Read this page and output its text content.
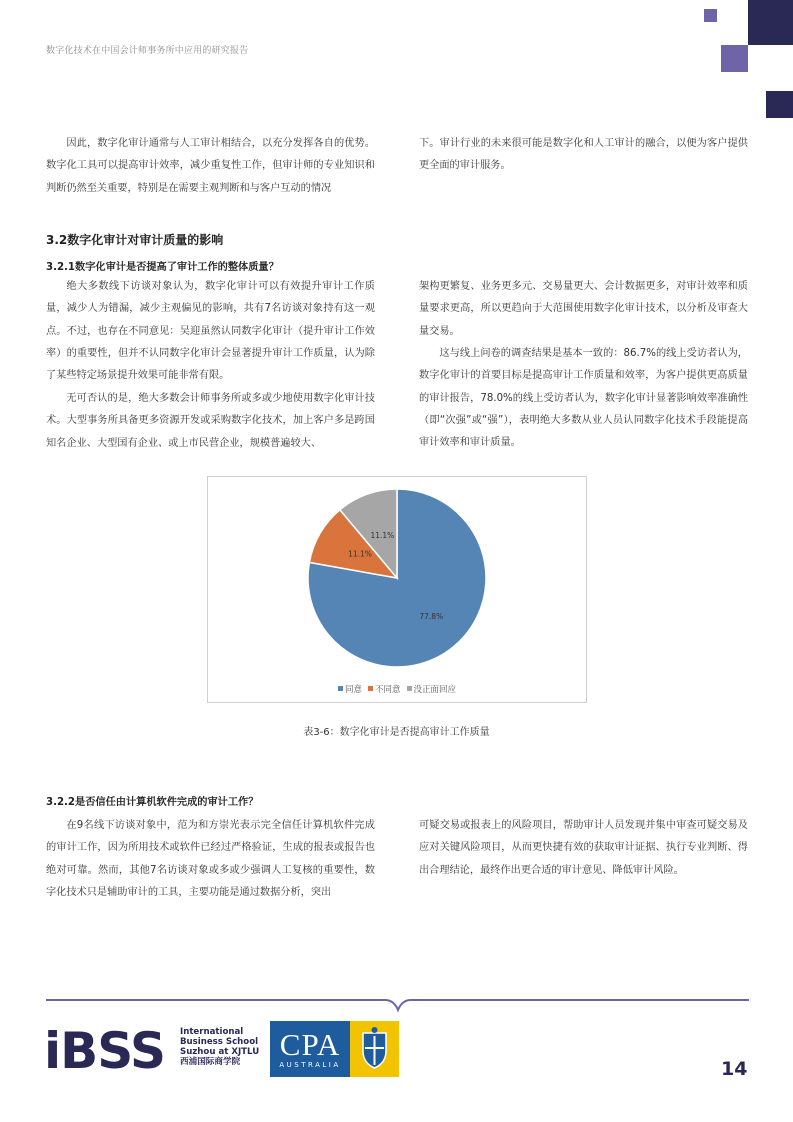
数字化技术在中国会计师事务所中应用的研究报告

因此，数字化审计通常与人工审计相结合，以充分发挥各自的优势。数字化工具可以提高审计效率，减少重复性工作，但审计师的专业知识和判断仍然至关重要，特别是在需要主观判断和与客户互动的情况

下。审计行业的未来很可能是数字化和人工审计的融合，以便为客户提供更全面的审计服务。

3.2数字化审计对审计质量的影响
3.2.1数字化审计是否提高了审计工作的整体质量？

绝大多数线下访谈对象认为，数字化审计可以有效提升审计工作质量，减少人为错漏，减少主观偏见的影响，共有7名访谈对象持有这一观点。不过，也存在不同意见：吴迎虽然认同数字化审计（提升审计工作效率）的重要性，但并不认同数字化审计会显著提升审计工作质量，认为除了某些特定场景提升效果可能非常有限。

无可否认的是，绝大多数会计师事务所或多或少地使用数字化审计技术。大型事务所具备更多资源开发或采购数字化技术，加上客户多是跨国知名企业、大型国有企业、或上市民营企业，规模普遍较大、

架构更繁复、业务更多元、交易量更大、会计数据更多，对审计效率和质量要求更高，所以更趋向于大范围使用数字化审计技术，以分析及审查大量交易。

这与线上问卷的调查结果是基本一致的：86.7%的线上受访者认为，数字化审计的首要目标是提高审计工作质量和效率，为客户提供更高质量的审计报告，78.0%的线上受访者认为，数字化审计显著影响效率准确性（即“次强”或“强”），表明绝大多数从业人员认同数字化技术手段能提高审计效率和审计质量。

77.8%
11.1%
11.1%
同意 不同意 没正面回应
表3-6：数字化审计是否提高审计工作质量
3.2.2是否信任由计算机软件完成的审计工作？

在9名线下访谈对象中，范为和方崇光表示完全信任计算机软件完成的审计工作，因为所用技术或软件已经过严格验证，生成的报表或报告也绝对可靠。然而，其他7名访谈对象或多或少强调人工复核的重要性，数字化技术只是辅助审计的工具，主要功能是通过数据分析，突出

可疑交易或报表上的风险项目，帮助审计人员发现并集中审查可疑交易及应对关键风险项目，从而更快捷有效的获取审计证据、执行专业判断、得出合理结论，最终作出更合适的审计意见、降低审计风险。

iBSS International
Business School
Suzhou at XJTLU
西浦国际商学院	CPA
AUSTRALIA	14
